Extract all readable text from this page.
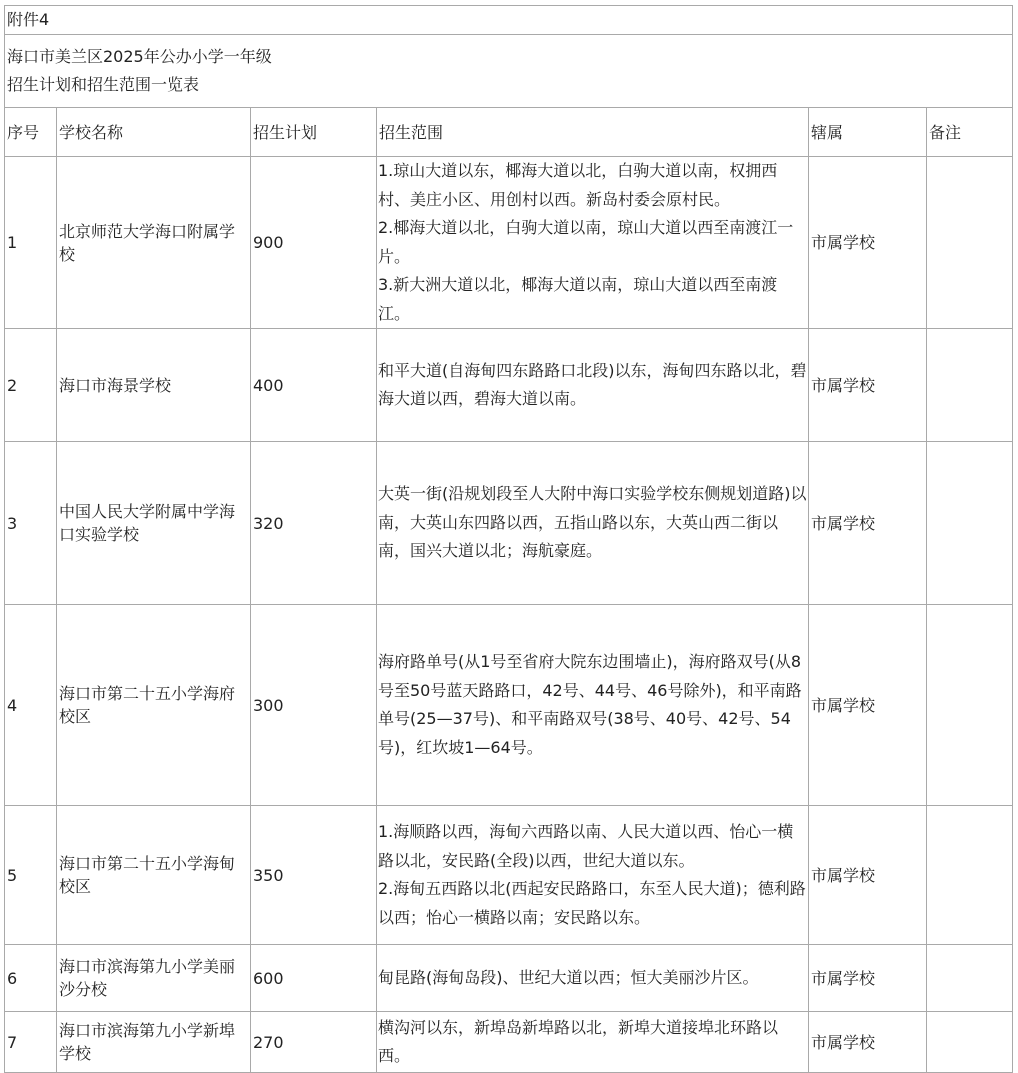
附件4					

海口市美兰区2025年公办小学一年级
招生计划和招生范围一览表					

序号	学校名称	招生计划	招生范围	辖属	备注
1	北京师范大学海口附属学校	900	1.琼山大道以东，椰海大道以北，白驹大道以南，权拥西村、美庄小区、用创村以西。新岛村委会原村民。
2.椰海大道以北，白驹大道以南，琼山大道以西至南渡江一片。
3.新大洲大道以北，椰海大道以南，琼山大道以西至南渡江。	市属学校	
2	海口市海景学校	400	和平大道(自海甸四东路路口北段)以东，海甸四东路以北，碧海大道以西，碧海大道以南。	市属学校	
3	中国人民大学附属中学海口实验学校	320	大英一街(沿规划段至人大附中海口实验学校东侧规划道路)以南，大英山东四路以西，五指山路以东，大英山西二街以南，国兴大道以北；海航豪庭。	市属学校	
4	海口市第二十五小学海府校区	300	海府路单号(从1号至省府大院东边围墙止)，海府路双号(从8号至50号蓝天路路口，42号、44号、46号除外)，和平南路单号(25—37号)、和平南路双号(38号、40号、42号、54号)，红坎坡1—64号。	市属学校	
5	海口市第二十五小学海甸校区	350	1.海顺路以西，海甸六西路以南、人民大道以西、怡心一横路以北，安民路(全段)以西，世纪大道以东。
2.海甸五西路以北(西起安民路路口，东至人民大道)；德利路以西；怡心一横路以南；安民路以东。	市属学校	
6	海口市滨海第九小学美丽沙分校	600	甸昆路(海甸岛段)、世纪大道以西；恒大美丽沙片区。	市属学校	
7	海口市滨海第九小学新埠学校	270	横沟河以东，新埠岛新埠路以北，新埠大道接埠北环路以西。	市属学校	
